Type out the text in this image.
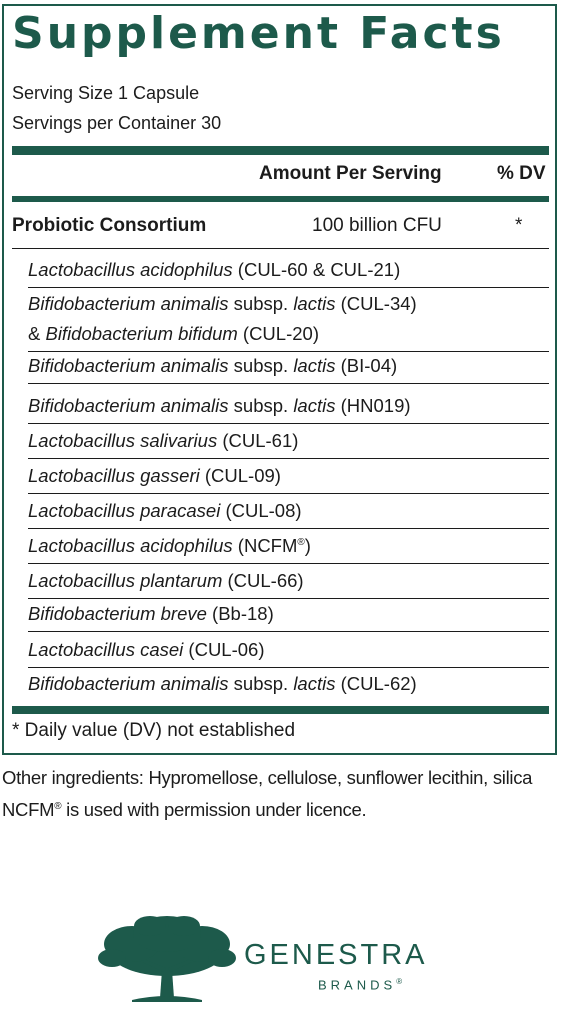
Supplement Facts
Serving Size 1 Capsule
Servings per Container 30
Amount Per Serving	% DV
Probiotic Consortium	100 billion CFU	*
Lactobacillus acidophilus (CUL-60 & CUL-21)
Bifidobacterium animalis subsp. lactis (CUL-34)
& Bifidobacterium bifidum (CUL-20)
Bifidobacterium animalis subsp. lactis (BI-04)
Bifidobacterium animalis subsp. lactis (HN019)
Lactobacillus salivarius (CUL-61)
Lactobacillus gasseri (CUL-09)
Lactobacillus paracasei (CUL-08)
Lactobacillus acidophilus (NCFM®)
Lactobacillus plantarum (CUL-66)
Bifidobacterium breve (Bb-18)
Lactobacillus casei (CUL-06)
Bifidobacterium animalis subsp. lactis (CUL-62)
* Daily value (DV) not established
Other ingredients: Hypromellose, cellulose, sunflower lecithin, silica
NCFM® is used with permission under licence.
GENESTRA
BRANDS®
